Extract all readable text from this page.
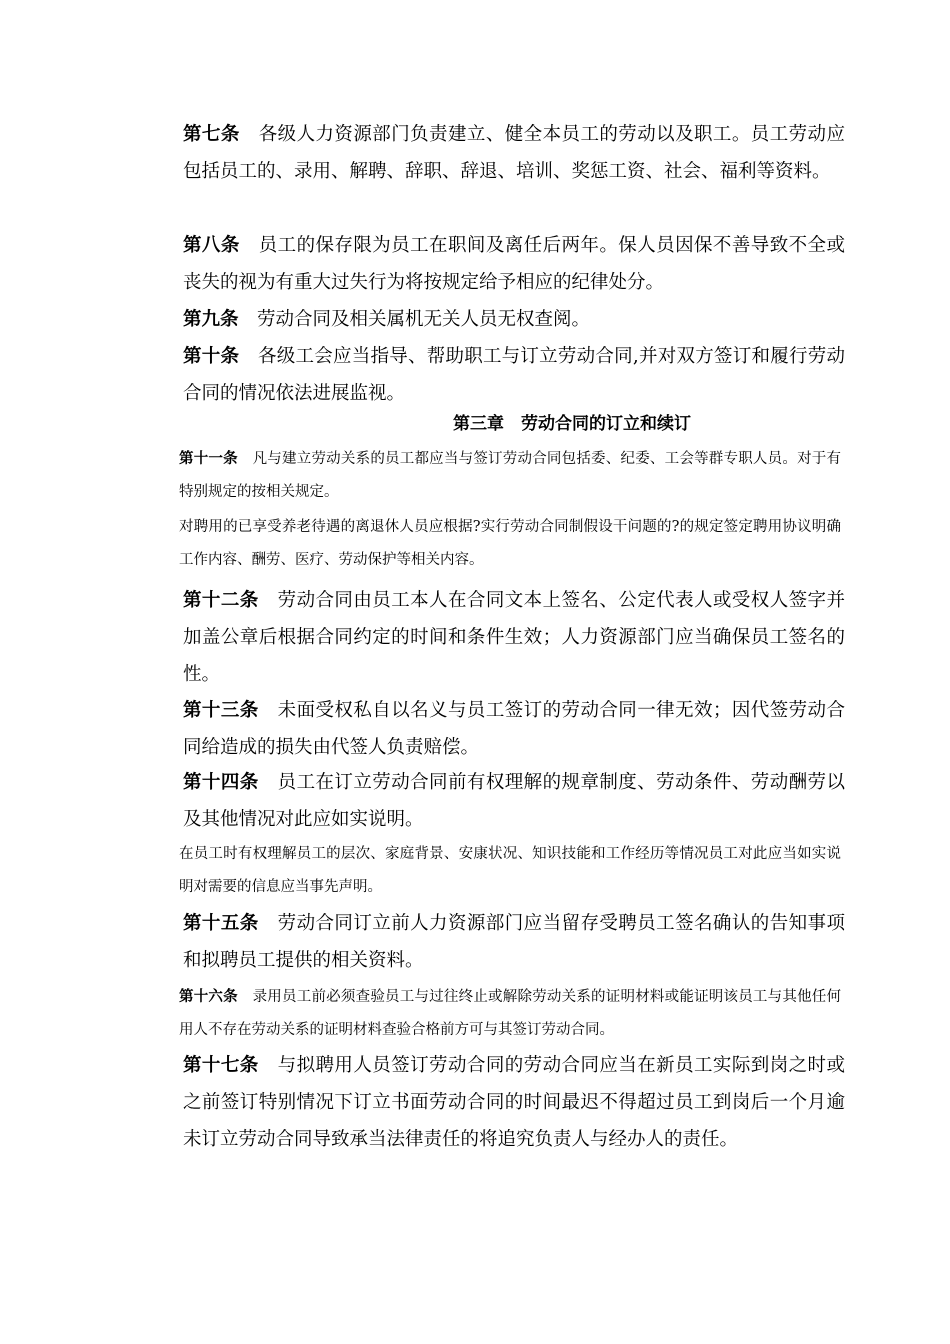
第七条　 各级人力资源部门负责建立、健全本员工的劳动以及职工。员工劳动应包括员工的、录用、解聘、辞职、辞退、培训、奖惩工资、社会、福利等资料。

第八条　 员工的保存限为员工在职间及离任后两年。保人员因保不善导致不全或丧失的视为有重大过失行为将按规定给予相应的纪律处分。

第九条　 劳动合同及相关属机无关人员无权查阅。

第十条　 各级工会应当指导、帮助职工与订立劳动合同,并对双方签订和履行劳动合同的情况依法进展监视。

第三章　劳动合同的订立和续订

第十一条　 凡与建立劳动关系的员工都应当与签订劳动合同包括委、纪委、工会等群专职人员。对于有特别规定的按相关规定。

对聘用的已享受养老待遇的离退休人员应根据?实行劳动合同制假设干问题的?的规定签定聘用协议明确工作内容、酬劳、医疗、劳动保护等相关内容。

第十二条　 劳动合同由员工本人在合同文本上签名、公定代表人或受权人签字并加盖公章后根据合同约定的时间和条件生效；人力资源部门应当确保员工签名的性。

第十三条　 未面受权私自以名义与员工签订的劳动合同一律无效；因代签劳动合同给造成的损失由代签人负责赔偿。

第十四条　 员工在订立劳动合同前有权理解的规章制度、劳动条件、劳动酬劳以及其他情况对此应如实说明。

在员工时有权理解员工的层次、家庭背景、安康状况、知识技能和工作经历等情况员工对此应当如实说明对需要的信息应当事先声明。

第十五条　 劳动合同订立前人力资源部门应当留存受聘员工签名确认的告知事项和拟聘员工提供的相关资料。

第十六条　 录用员工前必须查验员工与过往终止或解除劳动关系的证明材料或能证明该员工与其他任何用人不存在劳动关系的证明材料查验合格前方可与其签订劳动合同。

第十七条　 与拟聘用人员签订劳动合同的劳动合同应当在新员工实际到岗之时或之前签订特别情况下订立书面劳动合同的时间最迟不得超过员工到岗后一个月逾未订立劳动合同导致承当法律责任的将追究负责人与经办人的责任。
